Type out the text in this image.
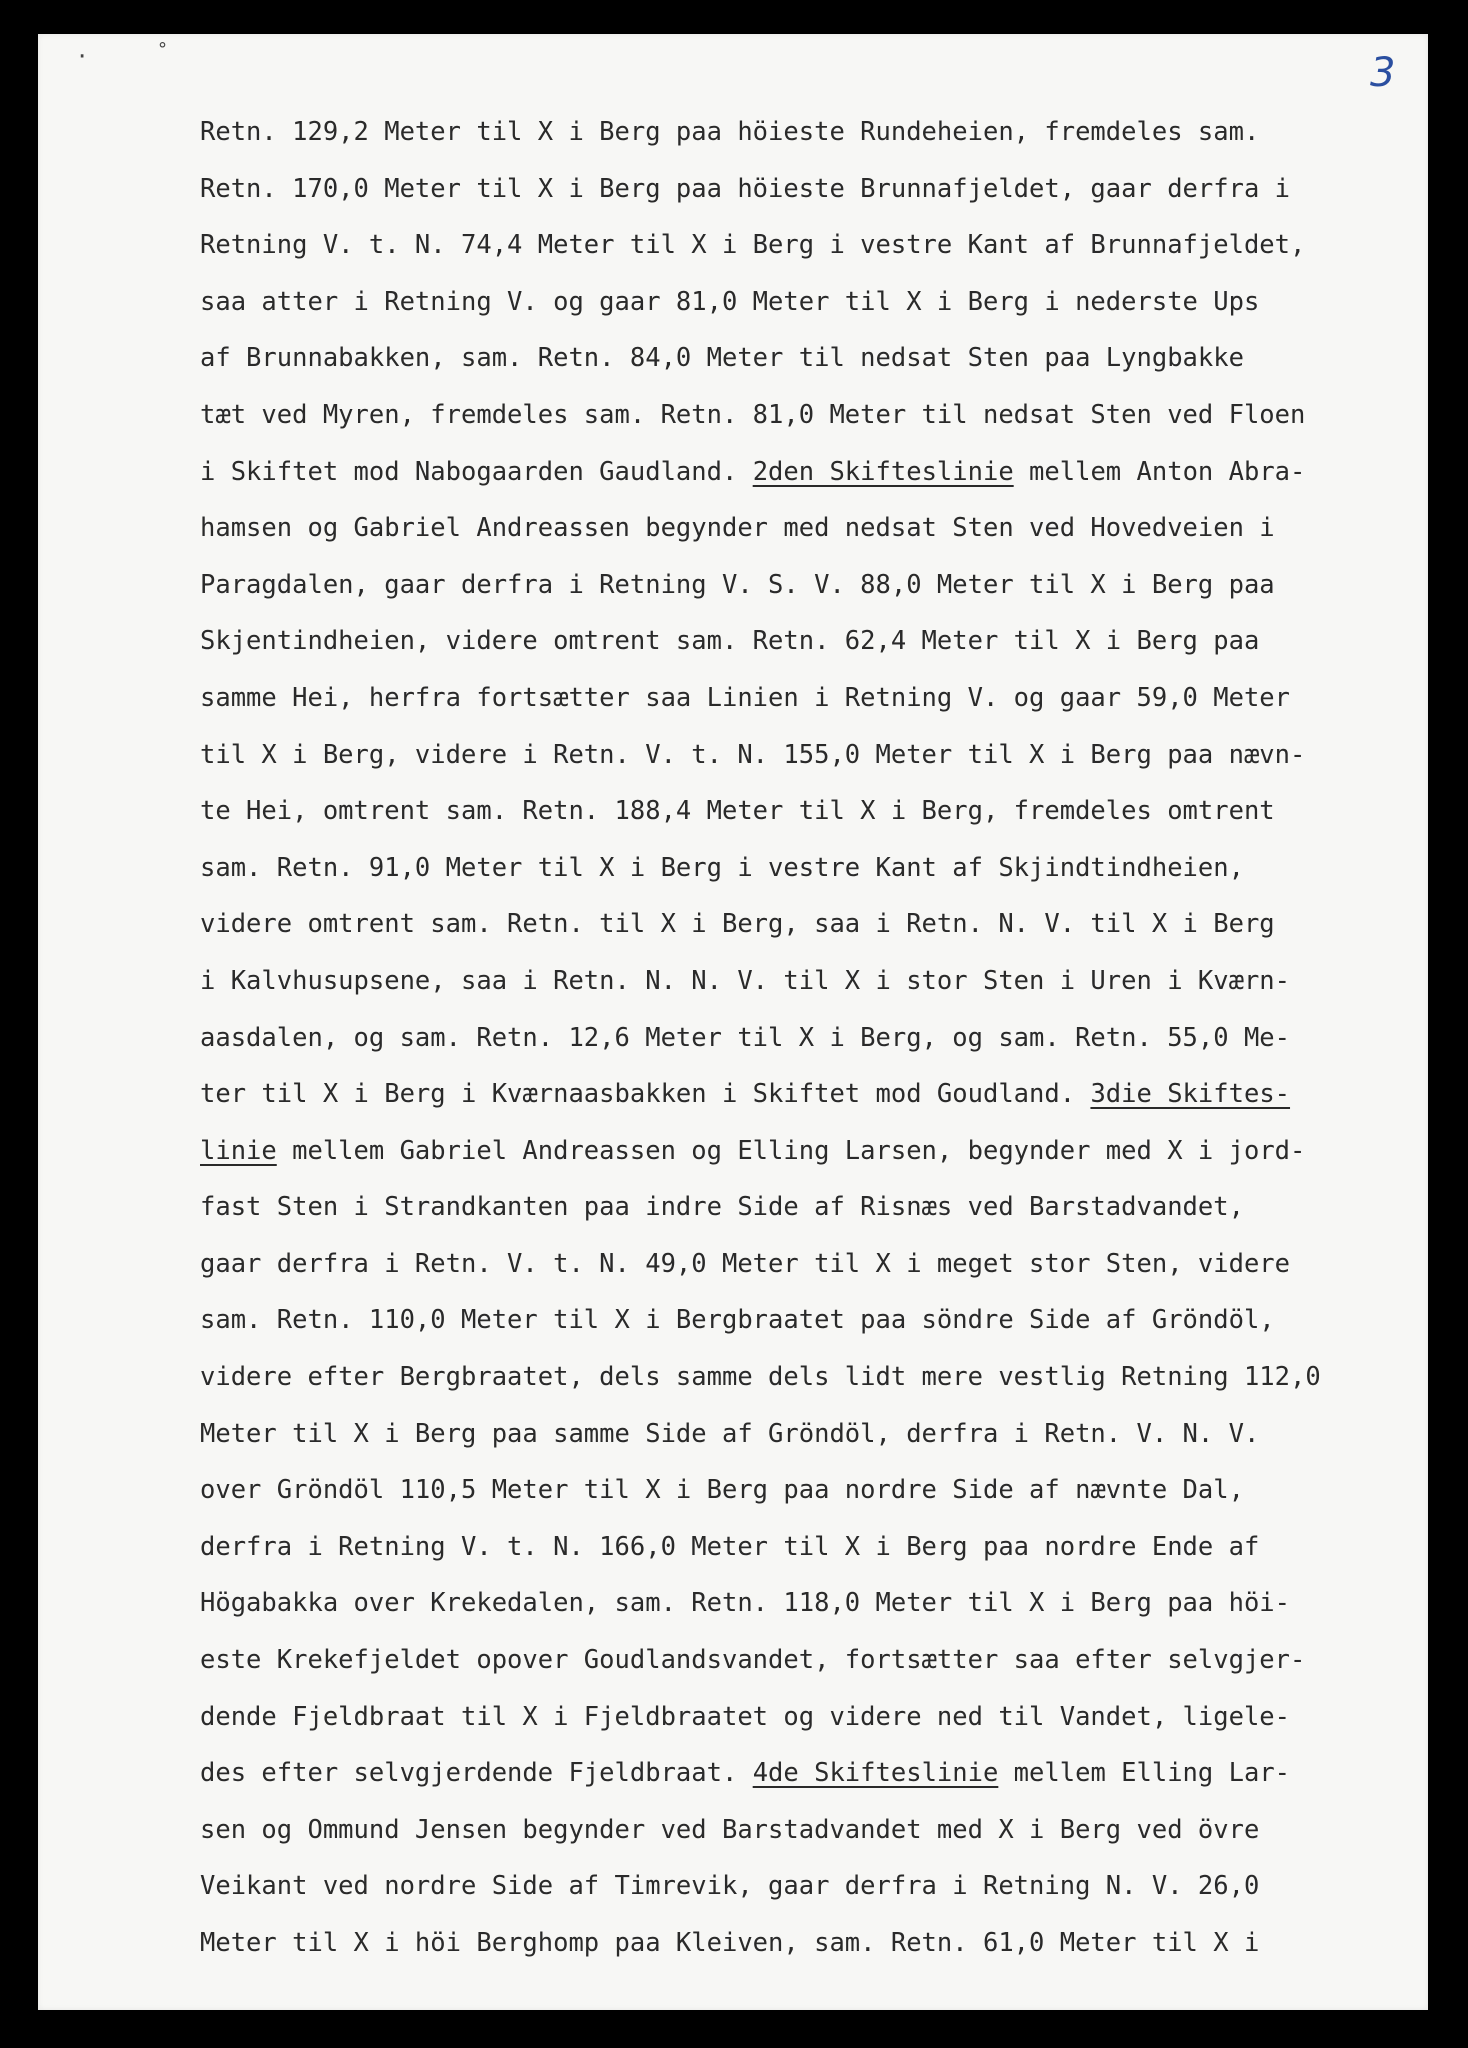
·	°
3
Retn. 129,2 Meter til X i Berg paa höieste Rundeheien, fremdeles sam.
Retn. 170,0 Meter til X i Berg paa höieste Brunnafjeldet, gaar derfra i
Retning V. t. N. 74,4 Meter til X i Berg i vestre Kant af Brunnafjeldet,
saa atter i Retning V. og gaar 81,0 Meter til X i Berg i nederste Ups
af Brunnabakken, sam. Retn. 84,0 Meter til nedsat Sten paa Lyngbakke
tæt ved Myren, fremdeles sam. Retn. 81,0 Meter til nedsat Sten ved Floen
i Skiftet mod Nabogaarden Gaudland. 2den Skifteslinie mellem Anton Abra-
hamsen og Gabriel Andreassen begynder med nedsat Sten ved Hovedveien i
Paragdalen, gaar derfra i Retning V. S. V. 88,0 Meter til X i Berg paa
Skjentindheien, videre omtrent sam. Retn. 62,4 Meter til X i Berg paa
samme Hei, herfra fortsætter saa Linien i Retning V. og gaar 59,0 Meter
til X i Berg, videre i Retn. V. t. N. 155,0 Meter til X i Berg paa nævn-
te Hei, omtrent sam. Retn. 188,4 Meter til X i Berg, fremdeles omtrent
sam. Retn. 91,0 Meter til X i Berg i vestre Kant af Skjindtindheien,
videre omtrent sam. Retn. til X i Berg, saa i Retn. N. V. til X i Berg
i Kalvhusupsene, saa i Retn. N. N. V. til X i stor Sten i Uren i Kværn-
aasdalen, og sam. Retn. 12,6 Meter til X i Berg, og sam. Retn. 55,0 Me-
ter til X i Berg i Kværnaasbakken i Skiftet mod Goudland. 3die Skiftes-
linie mellem Gabriel Andreassen og Elling Larsen, begynder med X i jord-
fast Sten i Strandkanten paa indre Side af Risnæs ved Barstadvandet,
gaar derfra i Retn. V. t. N. 49,0 Meter til X i meget stor Sten, videre
sam. Retn. 110,0 Meter til X i Bergbraatet paa söndre Side af Gröndöl,
videre efter Bergbraatet, dels samme dels lidt mere vestlig Retning 112,0
Meter til X i Berg paa samme Side af Gröndöl, derfra i Retn. V. N. V.
over Gröndöl 110,5 Meter til X i Berg paa nordre Side af nævnte Dal,
derfra i Retning V. t. N. 166,0 Meter til X i Berg paa nordre Ende af
Högabakka over Krekedalen, sam. Retn. 118,0 Meter til X i Berg paa höi-
este Krekefjeldet opover Goudlandsvandet, fortsætter saa efter selvgjer-
dende Fjeldbraat til X i Fjeldbraatet og videre ned til Vandet, ligele-
des efter selvgjerdende Fjeldbraat. 4de Skifteslinie mellem Elling Lar-
sen og Ommund Jensen begynder ved Barstadvandet med X i Berg ved övre
Veikant ved nordre Side af Timrevik, gaar derfra i Retning N. V. 26,0
Meter til X i höi Berghomp paa Kleiven, sam. Retn. 61,0 Meter til X i
